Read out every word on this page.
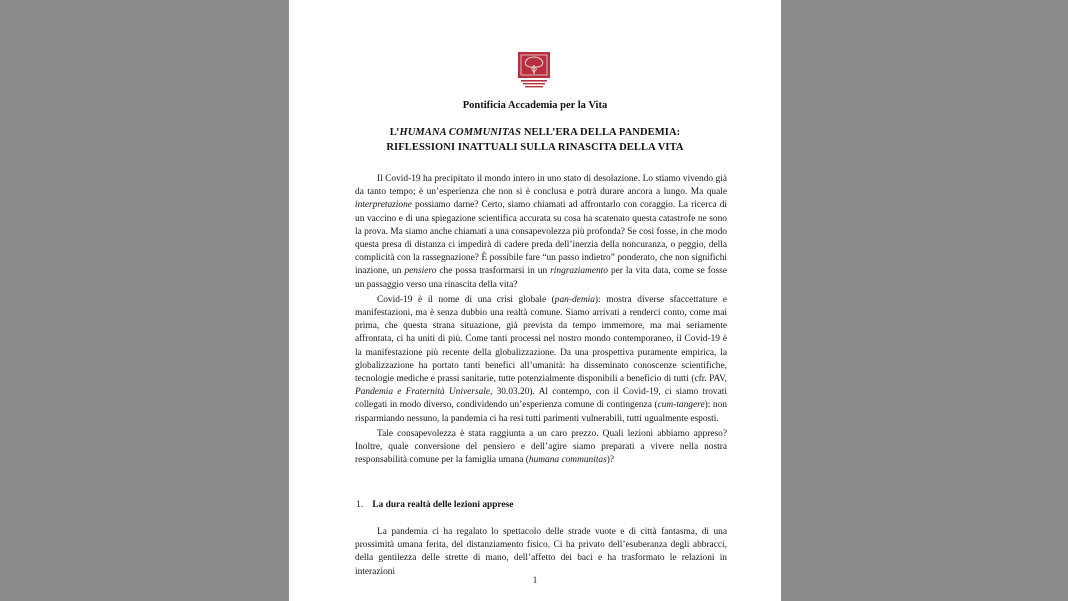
Pontificia Accademia per la Vita
L’HUMANA COMMUNITAS NELL’ERA DELLA PANDEMIA:
RIFLESSIONI INATTUALI SULLA RINASCITA DELLA VITA

Il Covid-19 ha precipitato il mondo intero in uno stato di desolazione. Lo stiamo vivendo già da tanto tempo; è un’esperienza che non si è conclusa e potrà durare ancora a lungo. Ma quale interpretazione possiamo darne? Certo, siamo chiamati ad affrontarlo con coraggio. La ricerca di un vaccino e di una spiegazione scientifica accurata su cosa ha scatenato questa catastrofe ne sono la prova. Ma siamo anche chiamati a una consapevolezza più profonda? Se così fosse, in che modo questa presa di distanza ci impedirà di cadere preda dell’inerzia della noncuranza, o peggio, della complicità con la rassegnazione? È possibile fare “un passo indietro” ponderato, che non significhi inazione, un pensiero che possa trasformarsi in un ringraziamento per la vita data, come se fosse un passaggio verso una rinascita della vita?

Covid-19 è il nome di una crisi globale (pan-demia): mostra diverse sfaccettature e manifestazioni, ma è senza dubbio una realtà comune. Siamo arrivati a renderci conto, come mai prima, che questa strana situazione, già prevista da tempo immemore, ma mai seriamente affrontata, ci ha uniti di più. Come tanti processi nel nostro mondo contemporaneo, il Covid-19 è la manifestazione più recente della globalizzazione. Da una prospettiva puramente empirica, la globalizzazione ha portato tanti benefici all’umanità: ha disseminato conoscenze scientifiche, tecnologie mediche e prassi sanitarie, tutte potenzialmente disponibili a beneficio di tutti (cfr. PAV, Pandemia e Fraternità Universale, 30.03.20). Al contempo, con il Covid-19, ci siamo trovati collegati in modo diverso, condividendo un’esperienza comune di contingenza (cum-tangere): non risparmiando nessuno, la pandemia ci ha resi tutti parimenti vulnerabili, tutti ugualmente esposti.

Tale consapevolezza è stata raggiunta a un caro prezzo. Quali lezioni abbiamo appreso? Inoltre, quale conversione del pensiero e dell’agire siamo preparati a vivere nella nostra responsabilità comune per la famiglia umana (humana communitas)?

1. La dura realtà delle lezioni apprese

La pandemia ci ha regalato lo spettacolo delle strade vuote e di città fantasma, di una prossimità umana ferita, del distanziamento fisico. Ci ha privato dell’esuberanza degli abbracci, della gentilezza delle strette di mano, dell’affetto dei baci e ha trasformato le relazioni in interazioni

1
